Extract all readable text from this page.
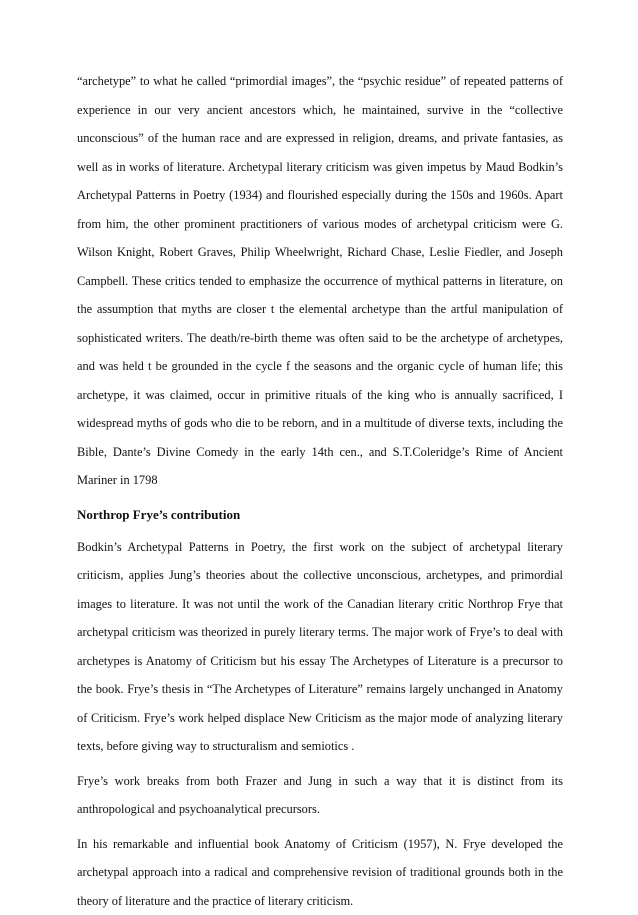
“archetype” to what he called “primordial images”, the “psychic residue” of repeated patterns of experience in our very ancient ancestors which, he maintained, survive in the “collective unconscious” of the human race and are expressed in religion, dreams, and private fantasies, as well as in works of literature. Archetypal literary criticism was given impetus by Maud Bodkin’s Archetypal Patterns in Poetry (1934) and flourished especially during the 150s and 1960s. Apart from him, the other prominent practitioners of various modes of archetypal criticism were G. Wilson Knight, Robert Graves, Philip Wheelwright, Richard Chase, Leslie Fiedler, and Joseph Campbell. These critics tended to emphasize the occurrence of mythical patterns in literature, on the assumption that myths are closer t the elemental archetype than the artful manipulation of sophisticated writers. The death/re-birth theme was often said to be the archetype of archetypes, and was held t be grounded in the cycle f the seasons and the organic cycle of human life; this archetype, it was claimed, occur in primitive rituals of the king who is annually sacrificed, I widespread myths of gods who die to be reborn, and in a multitude of diverse texts, including the Bible, Dante’s Divine Comedy in the early 14th cen., and S.T.Coleridge’s Rime of Ancient Mariner in 1798

Northrop Frye’s contribution

Bodkin’s Archetypal Patterns in Poetry, the first work on the subject of archetypal literary criticism, applies Jung’s theories about the collective unconscious, archetypes, and primordial images to literature. It was not until the work of the Canadian literary critic Northrop Frye that archetypal criticism was theorized in purely literary terms. The major work of Frye’s to deal with archetypes is Anatomy of Criticism but his essay The Archetypes of Literature is a precursor to the book. Frye’s thesis in “The Archetypes of Literature” remains largely unchanged in Anatomy of Criticism. Frye’s work helped displace New Criticism as the major mode of analyzing literary texts, before giving way to structuralism and semiotics .

Frye’s work breaks from both Frazer and Jung in such a way that it is distinct from its anthropological and psychoanalytical precursors.

In his remarkable and influential book Anatomy of Criticism (1957), N. Frye developed the archetypal approach into a radical and comprehensive revision of traditional grounds both in the theory of literature and the practice of literary criticism.
